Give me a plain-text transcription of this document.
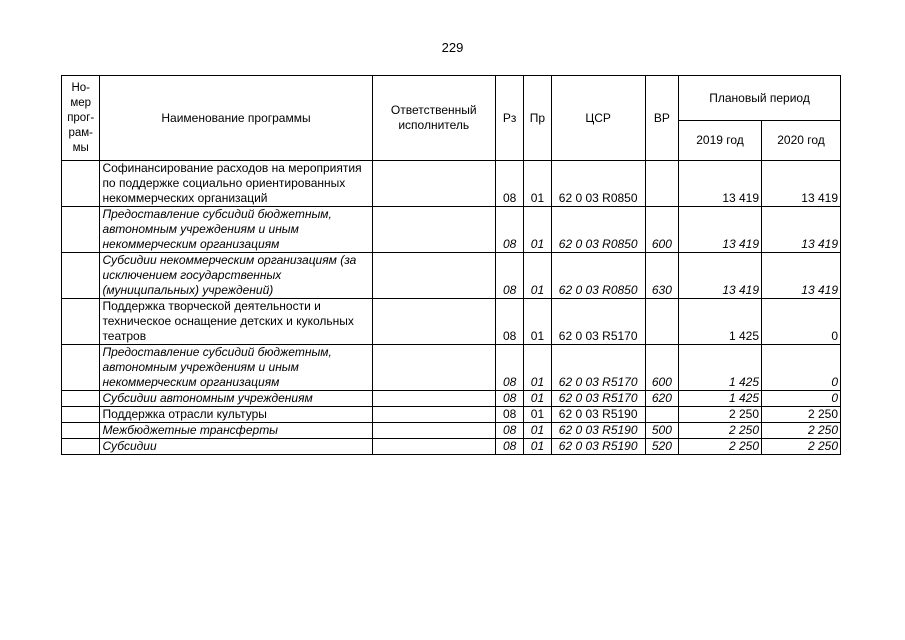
229
Но-мер прог-рам-мы	Наименование программы	Ответственный исполнитель	Рз	Пр	ЦСР	ВР	Плановый период	
							2019 год	2020 год
	Софинансирование расходов на мероприятия по поддержке социально ориентированных некоммерческих организаций		08	01	62 0 03 R0850		13 419	13 419
	Предоставление субсидий бюджетным, автономным учреждениям и иным некоммерческим организациям		08	01	62 0 03 R0850	600	13 419	13 419
	Субсидии некоммерческим организациям (за исключением государственных (муниципальных) учреждений)		08	01	62 0 03 R0850	630	13 419	13 419
	Поддержка творческой деятельности и техническое оснащение детских и кукольных театров		08	01	62 0 03 R5170		1 425	0
	Предоставление субсидий бюджетным, автономным учреждениям и иным некоммерческим организациям		08	01	62 0 03 R5170	600	1 425	0
	Субсидии автономным учреждениям		08	01	62 0 03 R5170	620	1 425	0
	Поддержка отрасли культуры		08	01	62 0 03 R5190		2 250	2 250
	Межбюджетные трансферты		08	01	62 0 03 R5190	500	2 250	2 250
	Субсидии		08	01	62 0 03 R5190	520	2 250	2 250
